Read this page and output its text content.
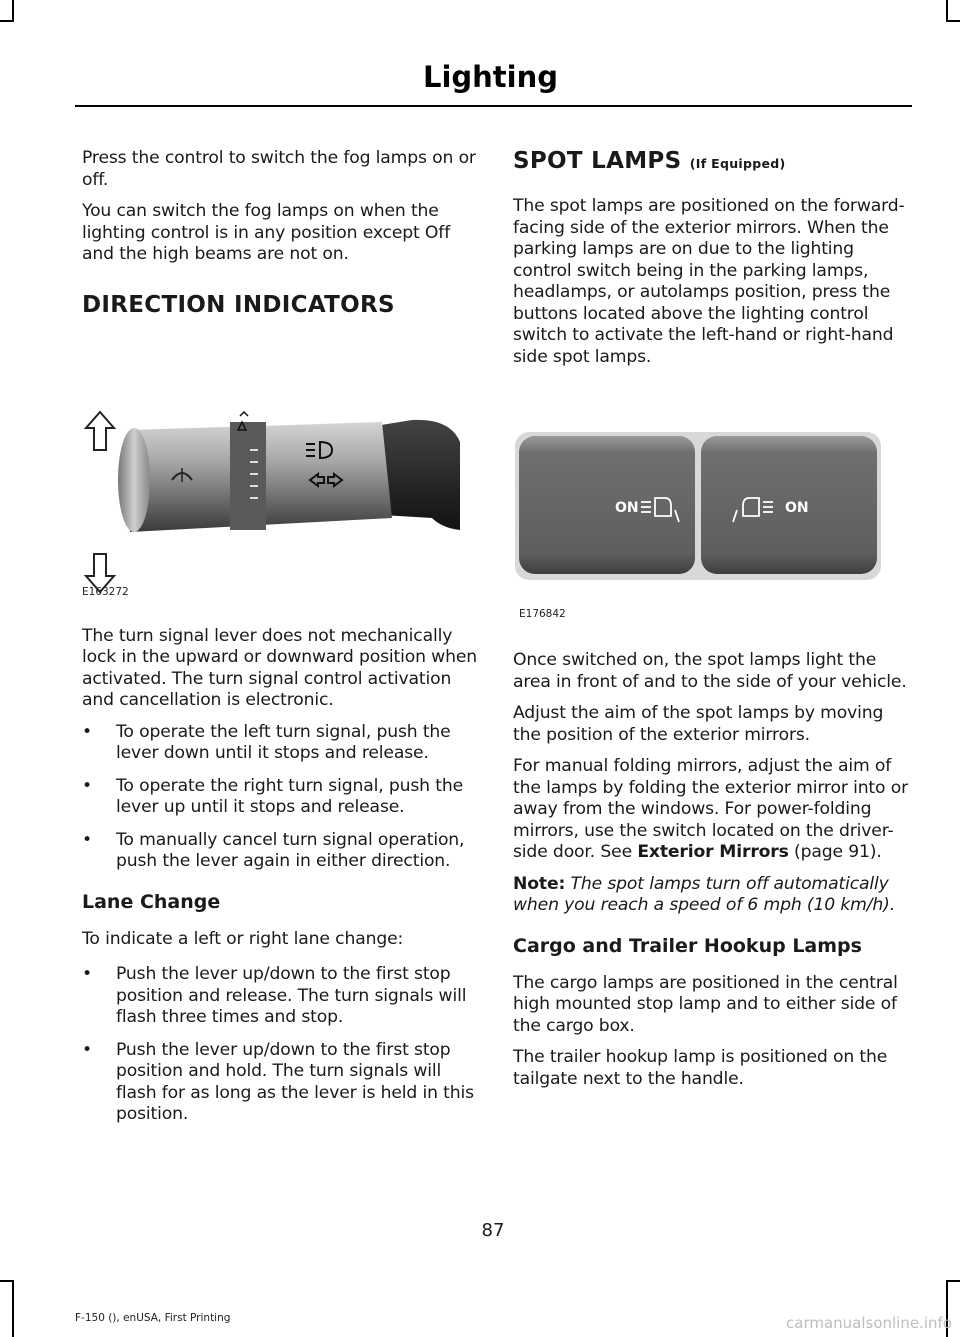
Lighting

Press the control to switch the fog lamps on or off.

You can switch the fog lamps on when the lighting control is in any position except Off and the high beams are not on.

DIRECTION INDICATORS
E163272

The turn signal lever does not mechanically lock in the upward or downward position when activated. The turn signal control activation and cancellation is electronic.

• To operate the left turn signal, push the lever down until it stops and release.
• To operate the right turn signal, push the lever up until it stops and release.
• To manually cancel turn signal operation, push the lever again in either direction.
Lane Change

To indicate a left or right lane change:

• Push the lever up/down to the first stop position and release. The turn signals will flash three times and stop.
• Push the lever up/down to the first stop position and hold. The turn signals will flash for as long as the lever is held in this position.
SPOT LAMPS (If Equipped)

The spot lamps are positioned on the forward-facing side of the exterior mirrors. When the parking lamps are on due to the lighting control switch being in the parking lamps, headlamps, or autolamps position, press the buttons located above the lighting control switch to activate the left-hand or right-hand side spot lamps.

ON	ON
E176842

Once switched on, the spot lamps light the area in front of and to the side of your vehicle.

Adjust the aim of the spot lamps by moving the position of the exterior mirrors.

For manual folding mirrors, adjust the aim of the lamps by folding the exterior mirror into or away from the windows. For power-folding mirrors, use the switch located on the driver-side door. See Exterior Mirrors (page 91).

Note: The spot lamps turn off automatically when you reach a speed of 6 mph (10 km/h).

Cargo and Trailer Hookup Lamps

The cargo lamps are positioned in the central high mounted stop lamp and to either side of the cargo box.

The trailer hookup lamp is positioned on the tailgate next to the handle.

87
F-150 (), enUSA, First Printing	carmanualsonline.info
